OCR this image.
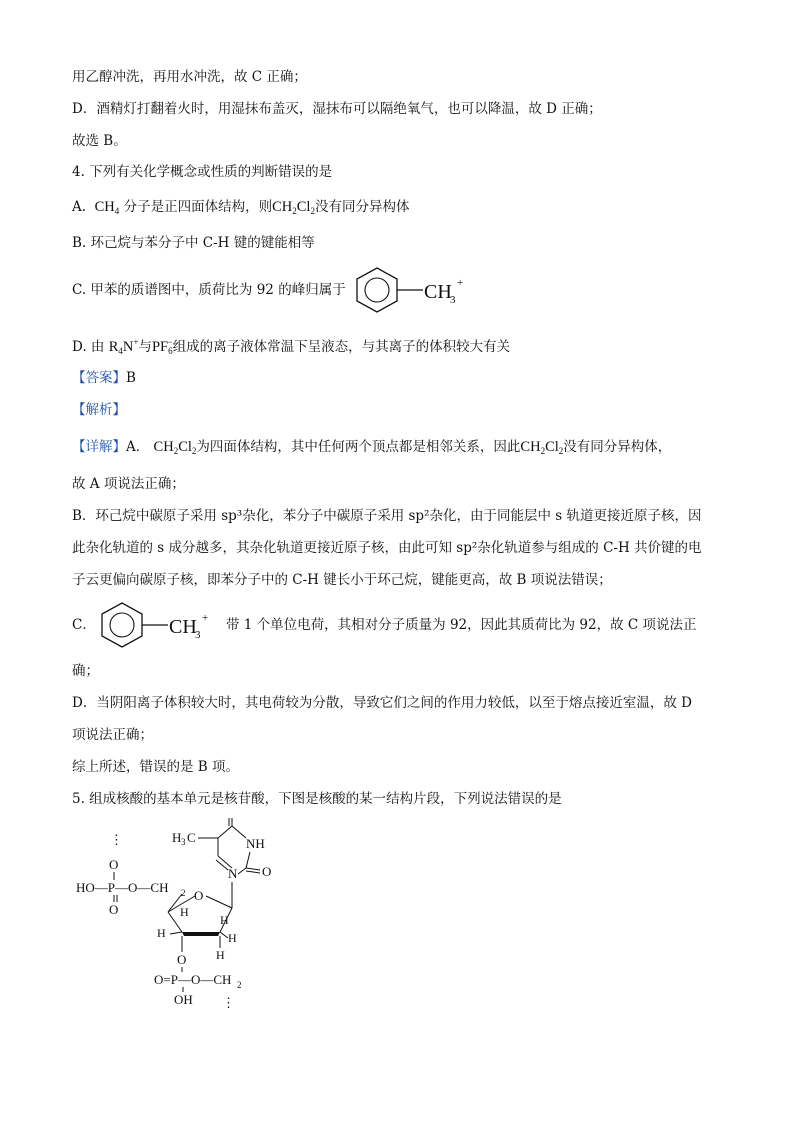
用乙醇冲洗，再用水冲洗，故 C 正确；
D．酒精灯打翻着火时，用湿抹布盖灭，湿抹布可以隔绝氧气，也可以降温，故 D 正确；
故选 B。
4. 下列有关化学概念或性质的判断错误的是
A. $CH_4$ 分子是正四面体结构，则$CH_2Cl_2$没有同分异构体
B. 环己烷与苯分子中 C-H 键的键能相等
C. 甲苯的质谱图中，质荷比为 92 的峰归属于	CH
3
+
D. 由 $R_4N^+$与$PF_6^-$组成的离子液体常温下呈液态，与其离子的体积较大有关
【答案】B
【解析】
【详解】A． $CH_2Cl_2$为四面体结构，其中任何两个顶点都是相邻关系，因此$CH_2Cl_2$没有同分异构体，
故 A 项说法正确；
B．环己烷中碳原子采用 sp³杂化，苯分子中碳原子采用 sp²杂化，由于同能层中 s 轨道更接近原子核，因
此杂化轨道的 s 成分越多，其杂化轨道更接近原子核，由此可知 sp²杂化轨道参与组成的 C-H 共价键的电
子云更偏向碳原子核，即苯分子中的 C-H 键长小于环己烷，键能更高，故 B 项说法错误；
C．	CH
3
+ 带 1 个单位电荷，其相对分子质量为 92，因此其质荷比为 92，故 C 项说法正
确；
D．当阴阳离子体积较大时，其电荷较为分散，导致它们之间的作用力较低，以至于熔点接近室温，故 D
项说法正确；
综上所述，错误的是 B 项。
5. 组成核酸的基本单元是核苷酸，下图是核酸的某一结构片段，下列说法错误的是
⋮
O
HO—P—O—CH 2
O
O
H
H
H	H
H
N
NH
O
H 3 C
O
O=P—O—CH 2
OH ⋮
